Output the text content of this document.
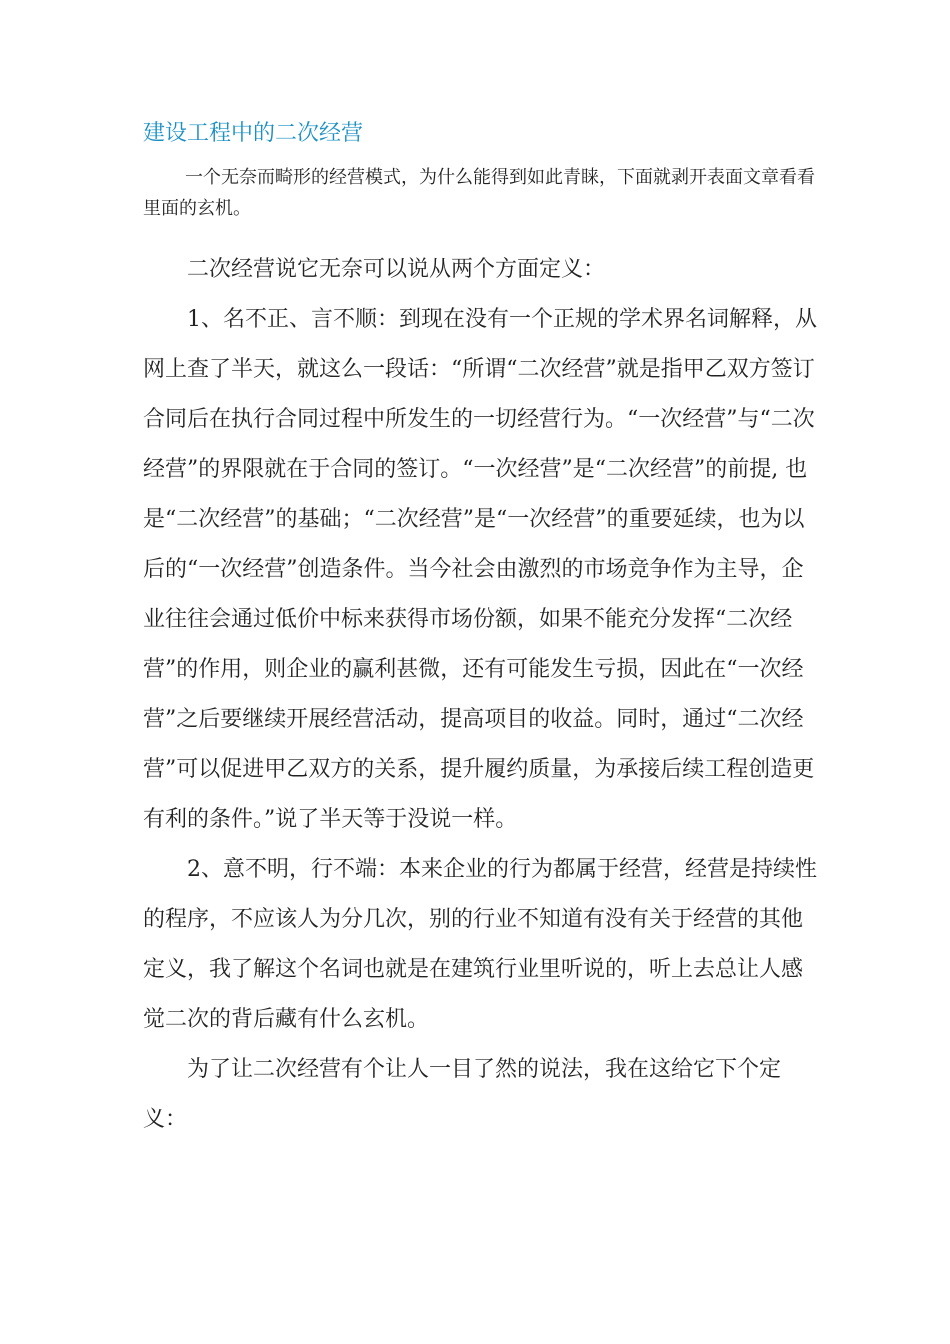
建设工程中的二次经营

一个无奈而畸形的经营模式，为什么能得到如此青睐，下面就剥开表面文章看看里面的玄机。

二次经营说它无奈可以说从两个方面定义：

1、名不正、言不顺：到现在没有一个正规的学术界名词解释，从网上查了半天，就这么一段话：“所谓“二次经营”就是指甲乙双方签订合同后在执行合同过程中所发生的一切经营行为。“一次经营”与“二次经营”的界限就在于合同的签订。“一次经营”是“二次经营”的前提, 也是“二次经营”的基础；“二次经营”是“一次经营”的重要延续，也为以后的“一次经营”创造条件。当今社会由激烈的市场竞争作为主导，企业往往会通过低价中标来获得市场份额，如果不能充分发挥“二次经营”的作用，则企业的赢利甚微，还有可能发生亏损，因此在“一次经营”之后要继续开展经营活动，提高项目的收益。同时，通过“二次经营”可以促进甲乙双方的关系，提升履约质量，为承接后续工程创造更有利的条件。”说了半天等于没说一样。

2、意不明，行不端：本来企业的行为都属于经营，经营是持续性的程序，不应该人为分几次，别的行业不知道有没有关于经营的其他定义，我了解这个名词也就是在建筑行业里听说的，听上去总让人感觉二次的背后藏有什么玄机。

为了让二次经营有个让人一目了然的说法，我在这给它下个定义：
